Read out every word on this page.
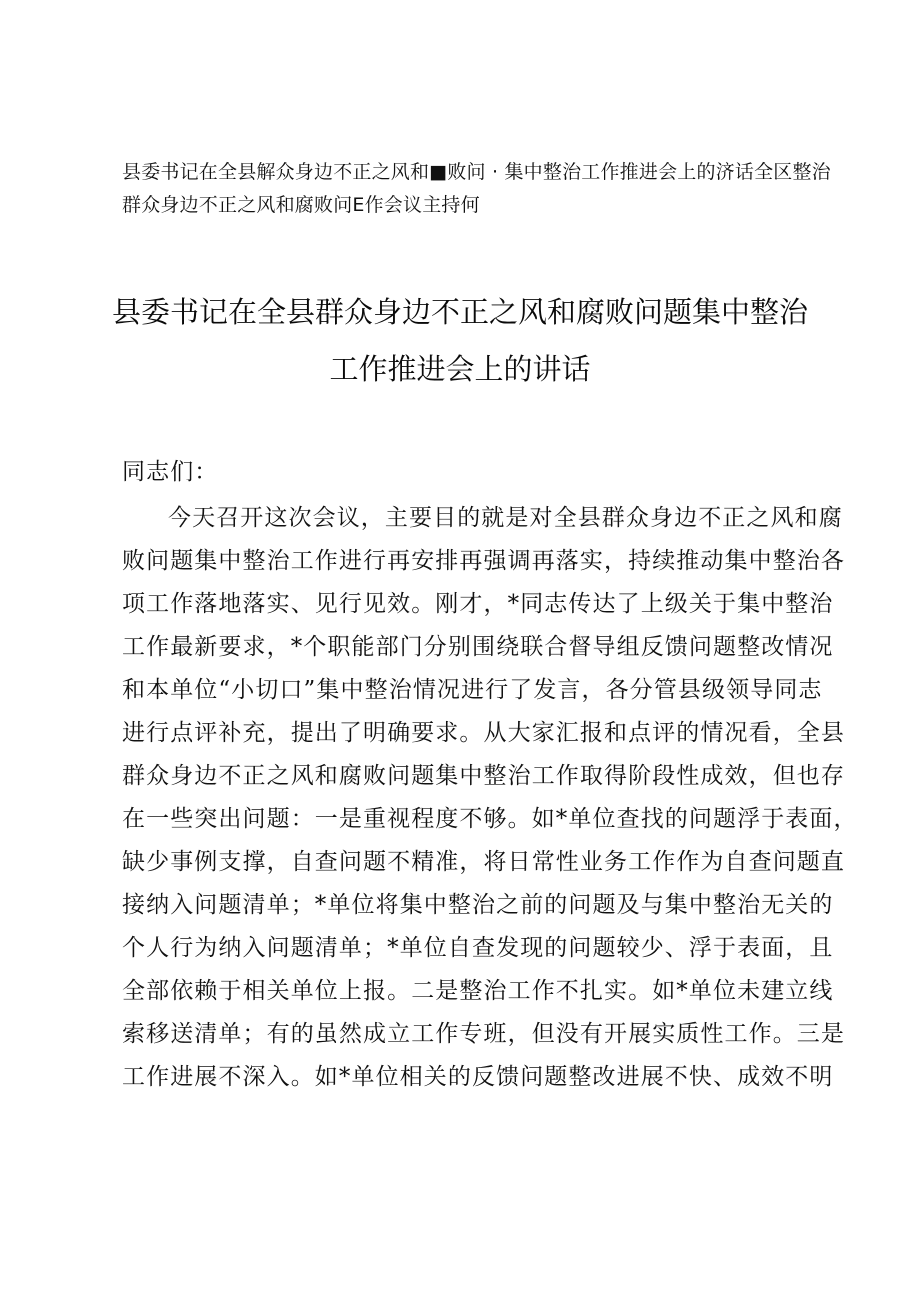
县委书记在全县解众身边不正之风和■败问 · 集中整治工作推进会上的济话全区整治
群众身边不正之风和腐败问E作会议主持何
县委书记在全县群众身边不正之风和腐败问题集中整治
工作推进会上的讲话
同志们：
今天召开这次会议，主要目的就是对全县群众身边不正之风和腐
败问题集中整治工作进行再安排再强调再落实，持续推动集中整治各
项工作落地落实、见行见效。刚才，*同志传达了上级关于集中整治
工作最新要求，*个职能部门分别围绕联合督导组反馈问题整改情况
和本单位“小切口”集中整治情况进行了发言，各分管县级领导同志
进行点评补充，提出了明确要求。从大家汇报和点评的情况看，全县
群众身边不正之风和腐败问题集中整治工作取得阶段性成效，但也存
在一些突出问题：一是重视程度不够。如*单位查找的问题浮于表面，
缺少事例支撑，自查问题不精准，将日常性业务工作作为自查问题直
接纳入问题清单；*单位将集中整治之前的问题及与集中整治无关的
个人行为纳入问题清单；*单位自查发现的问题较少、浮于表面，且
全部依赖于相关单位上报。二是整治工作不扎实。如*单位未建立线
索移送清单；有的虽然成立工作专班，但没有开展实质性工作。三是
工作进展不深入。如*单位相关的反馈问题整改进展不快、成效不明
